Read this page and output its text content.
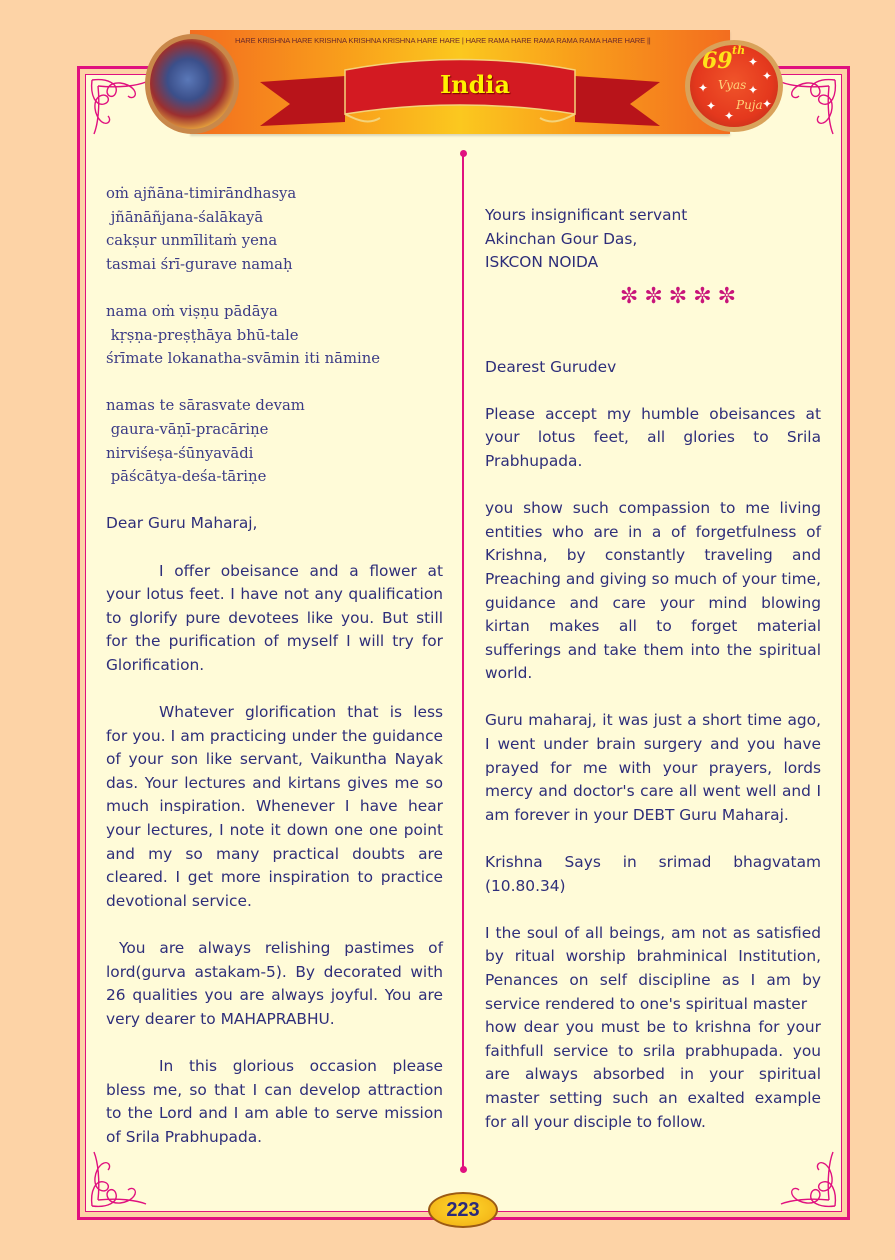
HARE KRISHNA HARE KRISHNA KRISHNA KRISHNA HARE HARE | HARE RAMA HARE RAMA RAMA RAMA HARE HARE ||
India
69 th
Vyas
Puja
✦
✦
✦	✦
✦
✦
✦

oṁ ajñāna-timirāndhasya

jñānāñjana-śalākayā

cakṣur unmīlitaṁ yena

tasmai śrī-gurave namaḥ

nama oṁ viṣṇu pādāya

kṛṣṇa-preṣṭhāya bhū-tale

śrīmate lokanatha-svāmin iti nāmine

namas te sārasvate devam

gaura-vāṇī-pracāriṇe

nirviśeṣa-śūnyavādi

pāścātya-deśa-tāriṇe

Dear Guru Maharaj,

I offer obeisance and a flower at your lotus feet. I have not any qualification to glorify pure devotees like you. But still for the purification of myself I will try for Glorification.

Whatever glorification that is less for you. I am practicing under the guidance of your son like servant, Vaikuntha Nayak das. Your lectures and kirtans gives me so much inspiration. Whenever I have hear your lectures, I note it down one one point and my so many practical doubts are cleared. I get more inspiration to practice devotional service.

You are always relishing pastimes of lord(gurva astakam-5). By decorated with 26 qualities you are always joyful. You are very dearer to MAHAPRABHU.

In this glorious occasion please bless me, so that I can develop attraction to the Lord and I am able to serve mission of Srila Prabhupada.

Yours insignificant servant

Akinchan Gour Das,

ISKCON NOIDA

✼✼✼✼✼

Dearest Gurudev

Please accept my humble obeisances at your lotus feet, all glories to Srila Prabhupada.

you show such compassion to me living entities who are in a of forgetfulness of Krishna, by constantly traveling and Preaching and giving so much of your time, guidance and care your mind blowing kirtan makes all to forget material sufferings and take them into the spiritual world.

Guru maharaj, it was just a short time ago, I went under brain surgery and you have prayed for me with your prayers, lords mercy and doctor's care all went well and I am forever in your DEBT Guru Maharaj.

Krishna Says in srimad bhagvatam (10.80.34)

I the soul of all beings, am not as satisfied by ritual worship brahminical Institution, Penances on self discipline as I am by service rendered to one's spiritual master

how dear you must be to krishna for your faithfull service to srila prabhupada. you are always absorbed in your spiritual master setting such an exalted example for all your disciple to follow.

223
